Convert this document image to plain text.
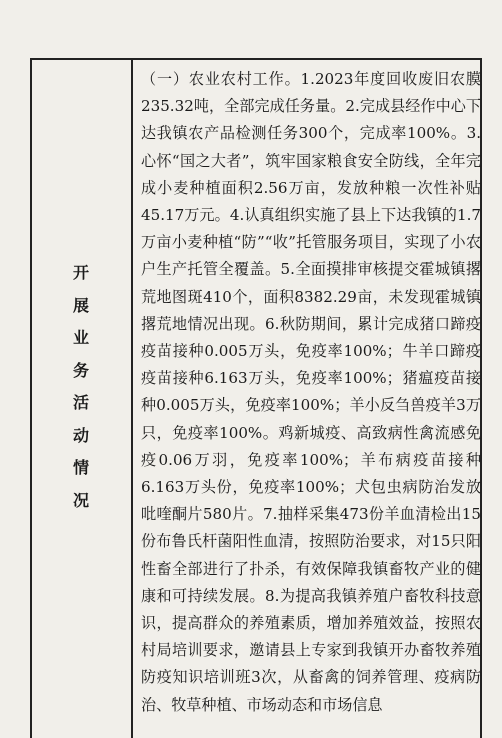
开展业务活动情况

（一）农业农村工作。1.2023年度回收废旧农膜235.32吨，全部完成任务量。2.完成县经作中心下达我镇农产品检测任务300个，完成率100%。3.心怀“国之大者”，筑牢国家粮食安全防线，全年完成小麦种植面积2.56万亩，发放种粮一次性补贴45.17万元。4.认真组织实施了县上下达我镇的1.7万亩小麦种植“防”“收”托管服务项目，实现了小农户生产托管全覆盖。5.全面摸排审核提交霍城镇撂荒地图斑410个，面积8382.29亩，未发现霍城镇撂荒地情况出现。6.秋防期间，累计完成猪口蹄疫疫苗接种0.005万头，免疫率100%；牛羊口蹄疫疫苗接种6.163万头，免疫率100%；猪瘟疫苗接种0.005万头，免疫率100%；羊小反刍兽疫羊3万只，免疫率100%。鸡新城疫、高致病性禽流感免疫0.06万羽，免疫率100%；羊布病疫苗接种6.163万头份，免疫率100%；犬包虫病防治发放吡喹酮片580片。7.抽样采集473份羊血清检出15份布鲁氏杆菌阳性血清，按照防治要求，对15只阳性畜全部进行了扑杀，有效保障我镇畜牧产业的健康和可持续发展。8.为提高我镇养殖户畜牧科技意识，提高群众的养殖素质，增加养殖效益，按照农村局培训要求，邀请县上专家到我镇开办畜牧养殖防疫知识培训班3次，从畜禽的饲养管理、疫病防治、牧草种植、市场动态和市场信息
